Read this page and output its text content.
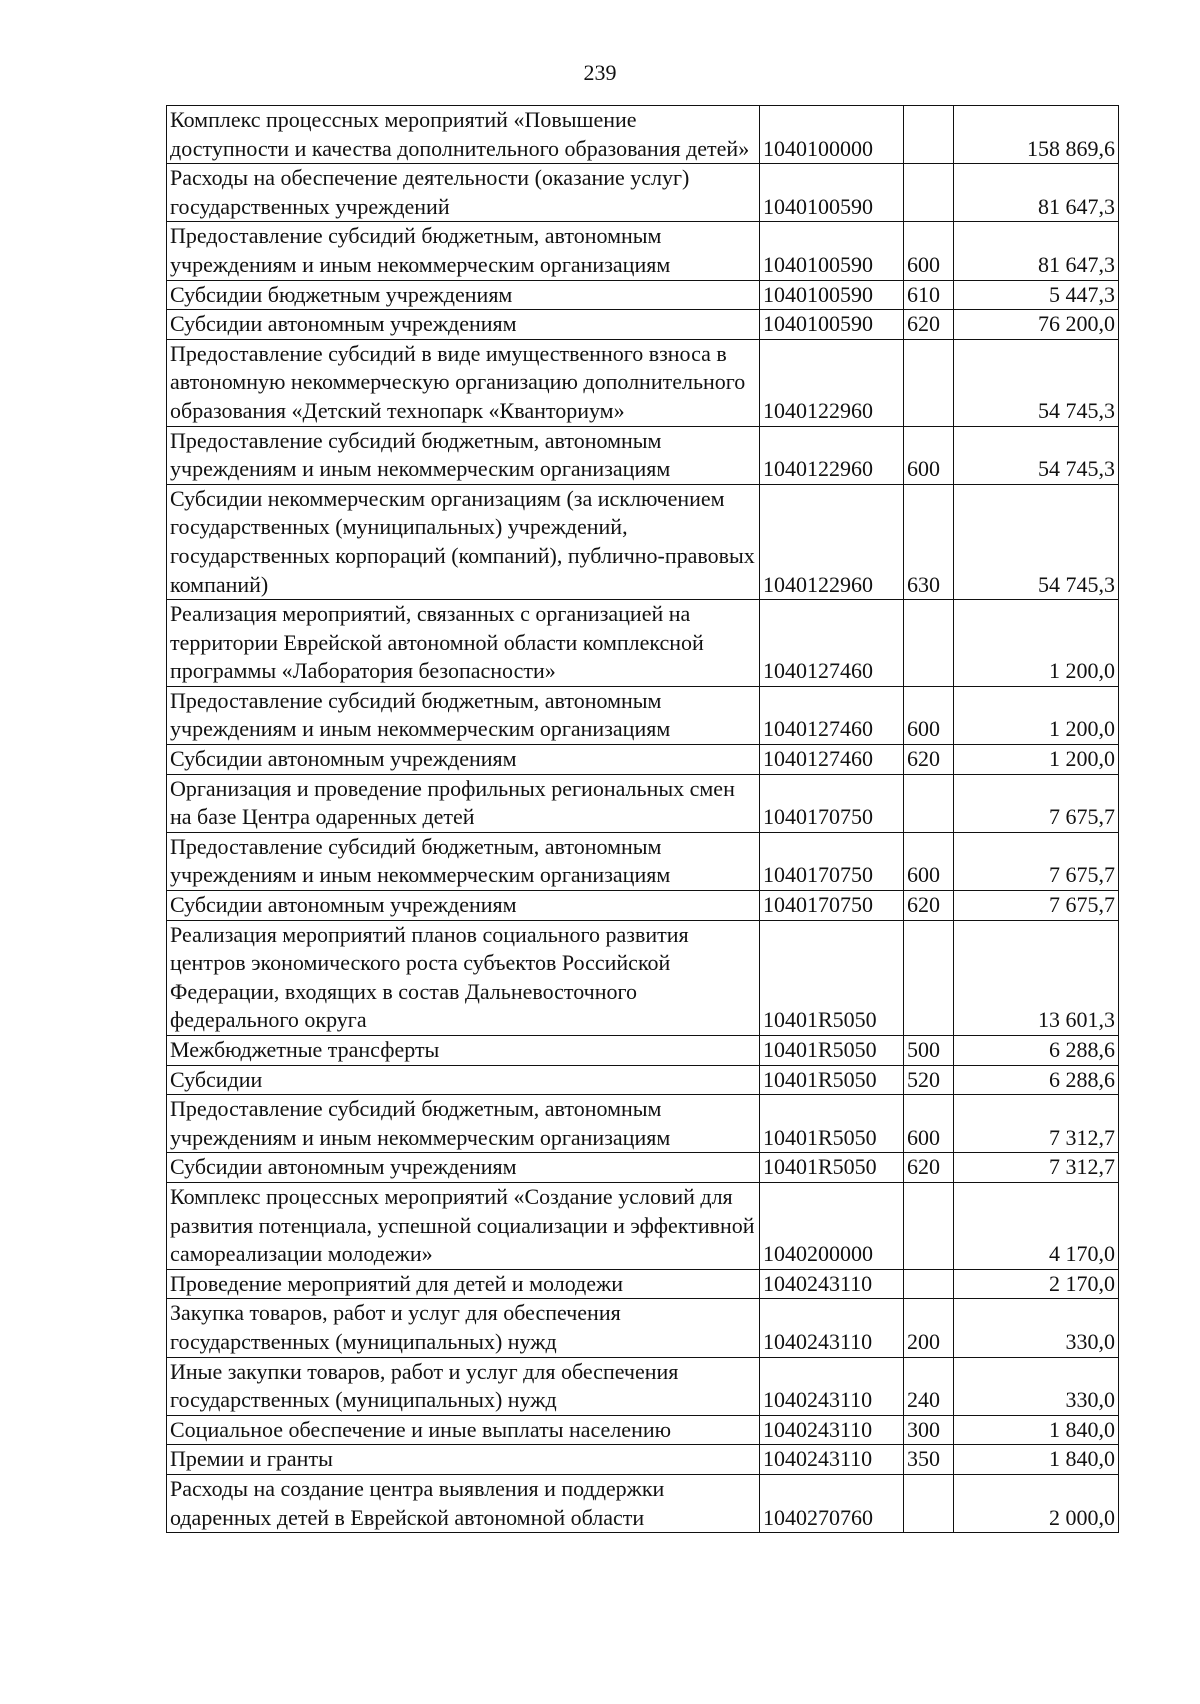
239
Комплекс процессных мероприятий «Повышение доступности и качества дополнительного образования детей»	1040100000		158 869,6
Расходы на обеспечение деятельности (оказание услуг) государственных учреждений	1040100590		81 647,3
Предоставление субсидий бюджетным, автономным учреждениям и иным некоммерческим организациям	1040100590	600	81 647,3
Субсидии бюджетным учреждениям	1040100590	610	5 447,3
Субсидии автономным учреждениям	1040100590	620	76 200,0
Предоставление субсидий в виде имущественного взноса в автономную некоммерческую организацию дополнительного образования «Детский технопарк «Кванториум»	1040122960		54 745,3
Предоставление субсидий бюджетным, автономным учреждениям и иным некоммерческим организациям	1040122960	600	54 745,3
Субсидии некоммерческим организациям (за исключением государственных (муниципальных) учреждений, государственных корпораций (компаний), публично-правовых компаний)	1040122960	630	54 745,3
Реализация мероприятий, связанных с организацией на территории Еврейской автономной области комплексной программы «Лаборатория безопасности»	1040127460		1 200,0
Предоставление субсидий бюджетным, автономным учреждениям и иным некоммерческим организациям	1040127460	600	1 200,0
Субсидии автономным учреждениям	1040127460	620	1 200,0
Организация и проведение профильных региональных смен на базе Центра одаренных детей	1040170750		7 675,7
Предоставление субсидий бюджетным, автономным учреждениям и иным некоммерческим организациям	1040170750	600	7 675,7
Субсидии автономным учреждениям	1040170750	620	7 675,7
Реализация мероприятий планов социального развития центров экономического роста субъектов Российской Федерации, входящих в состав Дальневосточного федерального округа	10401R5050		13 601,3
Межбюджетные трансферты	10401R5050	500	6 288,6
Субсидии	10401R5050	520	6 288,6
Предоставление субсидий бюджетным, автономным учреждениям и иным некоммерческим организациям	10401R5050	600	7 312,7
Субсидии автономным учреждениям	10401R5050	620	7 312,7
Комплекс процессных мероприятий «Создание условий для развития потенциала, успешной социализации и эффективной самореализации молодежи»	1040200000		4 170,0
Проведение мероприятий для детей и молодежи	1040243110		2 170,0
Закупка товаров, работ и услуг для обеспечения государственных (муниципальных) нужд	1040243110	200	330,0
Иные закупки товаров, работ и услуг для обеспечения государственных (муниципальных) нужд	1040243110	240	330,0
Социальное обеспечение и иные выплаты населению	1040243110	300	1 840,0
Премии и гранты	1040243110	350	1 840,0
Расходы на создание центра выявления и поддержки одаренных детей в Еврейской автономной области	1040270760		2 000,0
